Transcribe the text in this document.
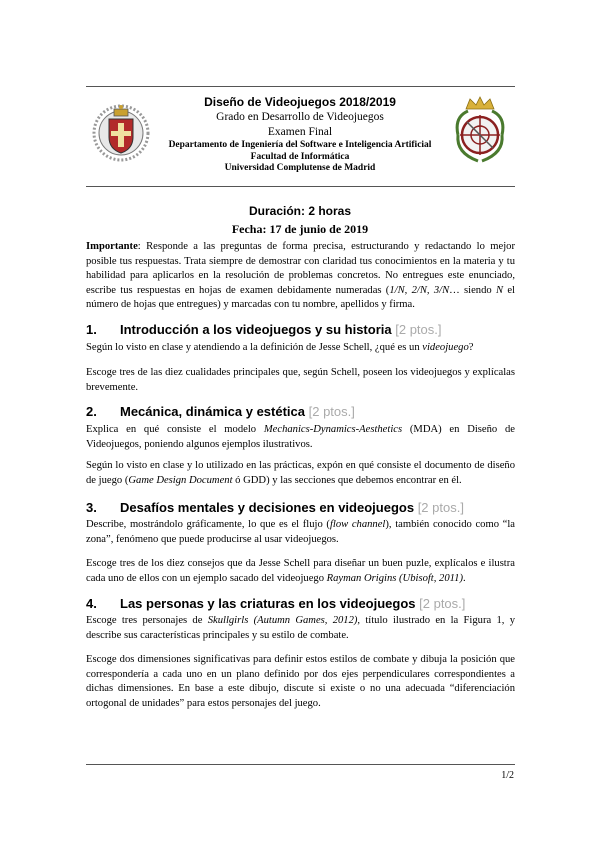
Diseño de Videojuegos 2018/2019
Grado en Desarrollo de Videojuegos
Examen Final
Departamento de Ingeniería del Software e Inteligencia Artificial
Facultad de Informática
Universidad Complutense de Madrid
Duración: 2 horas
Fecha: 17 de junio de 2019
Importante: Responde a las preguntas de forma precisa, estructurando y redactando lo mejor posible tus respuestas. Trata siempre de demostrar con claridad tus conocimientos en la materia y tu habilidad para aplicarlos en la resolución de problemas concretos. No entregues este enunciado, escribe tus respuestas en hojas de examen debidamente numeradas (1/N, 2/N, 3/N… siendo N el número de hojas que entregues) y marcadas con tu nombre, apellidos y firma.
1. Introducción a los videojuegos y su historia [2 ptos.]
Según lo visto en clase y atendiendo a la definición de Jesse Schell, ¿qué es un videojuego?
Escoge tres de las diez cualidades principales que, según Schell, poseen los videojuegos y explícalas brevemente.
2. Mecánica, dinámica y estética [2 ptos.]
Explica en qué consiste el modelo Mechanics-Dynamics-Aesthetics (MDA) en Diseño de Videojuegos, poniendo algunos ejemplos ilustrativos.
Según lo visto en clase y lo utilizado en las prácticas, expón en qué consiste el documento de diseño de juego (Game Design Document ó GDD) y las secciones que debemos encontrar en él.
3. Desafíos mentales y decisiones en videojuegos [2 ptos.]
Describe, mostrándolo gráficamente, lo que es el flujo (flow channel), también conocido como “la zona”, fenómeno que puede producirse al usar videojuegos.
Escoge tres de los diez consejos que da Jesse Schell para diseñar un buen puzle, explícalos e ilustra cada uno de ellos con un ejemplo sacado del videojuego Rayman Origins (Ubisoft, 2011).
4. Las personas y las criaturas en los videojuegos [2 ptos.]
Escoge tres personajes de Skullgirls (Autumn Games, 2012), título ilustrado en la Figura 1, y describe sus características principales y su estilo de combate.
Escoge dos dimensiones significativas para definir estos estilos de combate y dibuja la posición que correspondería a cada uno en un plano definido por dos ejes perpendiculares correspondientes a dichas dimensiones. En base a este dibujo, discute si existe o no una adecuada “diferenciación ortogonal de unidades” para estos personajes del juego.
1/2
